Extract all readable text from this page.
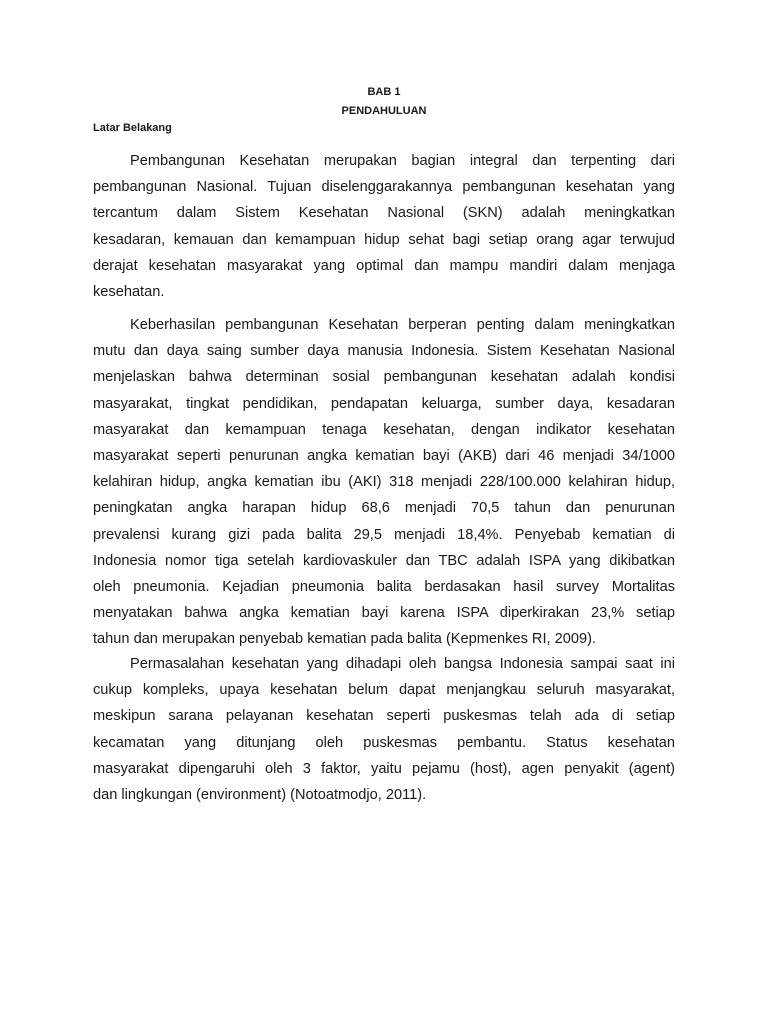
BAB 1
PENDAHULUAN
Latar Belakang
Pembangunan Kesehatan merupakan bagian integral dan terpenting dari
pembangunan Nasional. Tujuan diselenggarakannya pembangunan kesehatan yang
tercantum dalam Sistem Kesehatan Nasional (SKN) adalah meningkatkan
kesadaran, kemauan dan kemampuan hidup sehat bagi setiap orang agar terwujud
derajat kesehatan masyarakat yang optimal dan mampu mandiri dalam menjaga
kesehatan.
Keberhasilan pembangunan Kesehatan berperan penting dalam meningkatkan
mutu dan daya saing sumber daya manusia Indonesia. Sistem Kesehatan Nasional
menjelaskan bahwa determinan sosial pembangunan kesehatan adalah kondisi
masyarakat, tingkat pendidikan, pendapatan keluarga, sumber daya, kesadaran
masyarakat dan kemampuan tenaga kesehatan, dengan indikator kesehatan
masyarakat seperti penurunan angka kematian bayi (AKB) dari 46 menjadi 34/1000
kelahiran hidup, angka kematian ibu (AKI) 318 menjadi 228/100.000 kelahiran hidup,
peningkatan angka harapan hidup 68,6 menjadi 70,5 tahun dan penurunan
prevalensi kurang gizi pada balita 29,5 menjadi 18,4%. Penyebab kematian di
Indonesia nomor tiga setelah kardiovaskuler dan TBC adalah ISPA yang dikibatkan
oleh pneumonia. Kejadian pneumonia balita berdasakan hasil survey Mortalitas
menyatakan bahwa angka kematian bayi karena ISPA diperkirakan 23,% setiap
tahun dan merupakan penyebab kematian pada balita (Kepmenkes RI, 2009).
Permasalahan kesehatan yang dihadapi oleh bangsa Indonesia sampai saat ini
cukup kompleks, upaya kesehatan belum dapat menjangkau seluruh masyarakat,
meskipun sarana pelayanan kesehatan seperti puskesmas telah ada di setiap
kecamatan yang ditunjang oleh puskesmas pembantu. Status kesehatan
masyarakat dipengaruhi oleh 3 faktor, yaitu pejamu (host), agen penyakit (agent)
dan lingkungan (environment) (Notoatmodjo, 2011).
